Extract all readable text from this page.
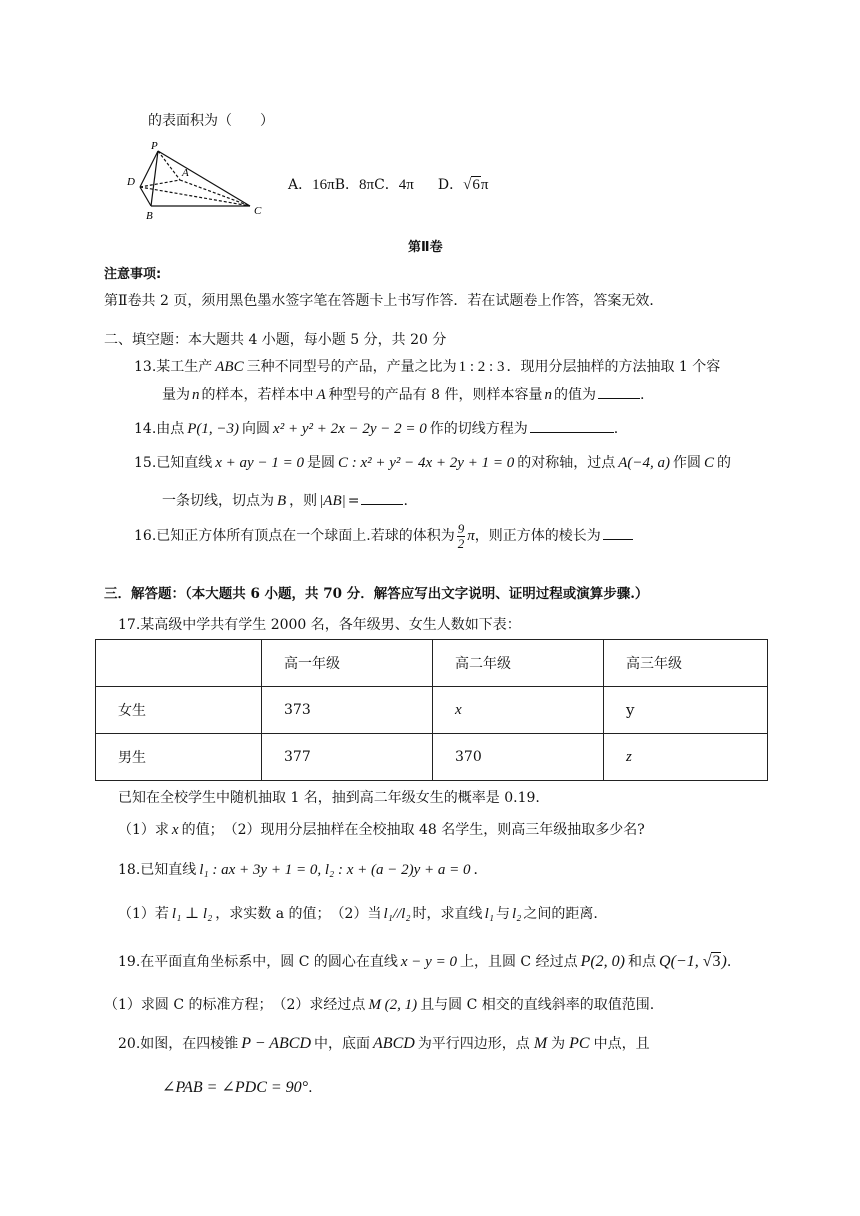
的表面积为（　　）
P
A
D
B	C
A．16πB．8πC．4π D．√6π
第Ⅱ卷
注意事项:
第Ⅱ卷共 2 页，须用黑色墨水签字笔在答题卡上书写作答．若在试题卷上作答，答案无效．
二、填空题：本大题共 4 小题，每小题 5 分，共 20 分
13.某工生产 ABC 三种不同型号的产品，产量之比为 1 : 2 : 3 ．现用分层抽样的方法抽取 1 个容
量为 n 的样本，若样本中 A 种型号的产品有 8 件，则样本容量 n 的值为	.
14.由点 P(1, −3) 向圆 x² + y² + 2x − 2y − 2 = 0 作的切线方程为	.
15.已知直线 x + ay − 1 = 0 是圆 C : x² + y² − 4x + 2y + 1 = 0 的对称轴，过点 A(−4, a) 作圆 C 的
一条切线，切点为 B ，则 |AB| =	.
16.已知正方体所有顶点在一个球面上.若球的体积为 $\frac{9}{2}$ π，则正方体的棱长为
三．解答题：（本大题共 6 小题，共 70 分．解答应写出文字说明、证明过程或演算步骤.）
17.某高级中学共有学生 2000 名，各年级男、女生人数如下表：
	高一年级	高二年级	高三年级
女生	373	x	y
男生	377	370	z
已知在全校学生中随机抽取 1 名，抽到高二年级女生的概率是 0.19.
（1）求 x 的值；　（2）现用分层抽样在全校抽取 48 名学生，则高三年级抽取多少名?
18.已知直线 l₁ : ax + 3y + 1 = 0, l₂ : x + (a − 2)y + a = 0 ．
（1）若 l₁ ⊥ l₂ ，求实数 a 的值；　（2）当 l₁//l₂ 时，求直线 l₁ 与 l₂ 之间的距离.
19.在平面直角坐标系中，圆 C 的圆心在直线 x − y = 0 上，且圆 C 经过点 P(2, 0) 和点 Q(−1, √3).
（1）求圆 C 的标准方程；　（2）求经过点 M (2, 1) 且与圆 C 相交的直线斜率的取值范围.
20.如图，在四棱锥 P − ABCD 中，底面 ABCD 为平行四边形，点 M 为 PC 中点，且
∠PAB = ∠PDC = 90°.
